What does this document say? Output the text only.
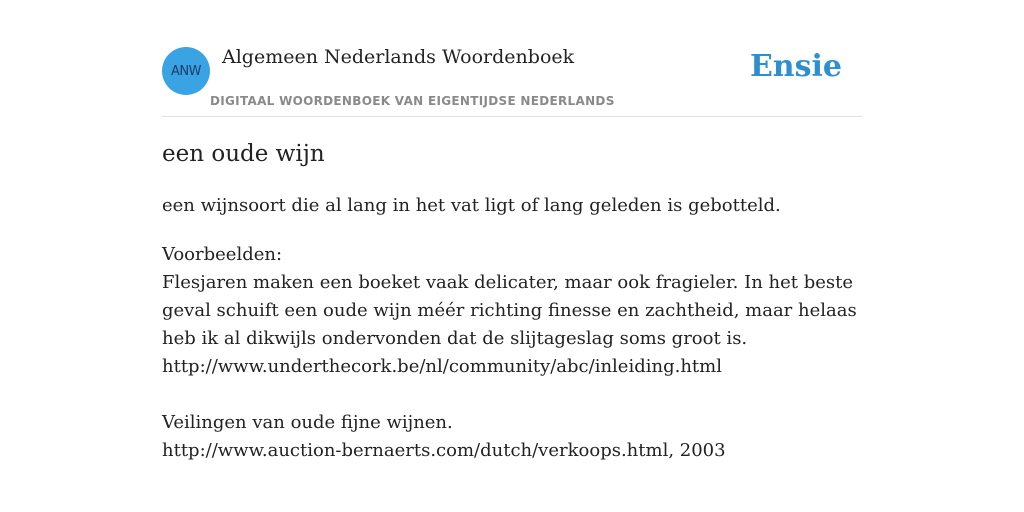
ANW
Algemeen Nederlands Woordenboek
DIGITAAL WOORDENBOEK VAN EIGENTIJDSE NEDERLANDS
Ensie
een oude wijn
een wijnsoort die al lang in het vat ligt of lang geleden is gebotteld.

Voorbeelden:

Flesjaren maken een boeket vaak delicater, maar ook fragieler. In het beste geval schuift een oude wijn méér richting finesse en zachtheid, maar helaas heb ik al dikwijls ondervonden dat de slijtageslag soms groot is.

http://www.underthecork.be/nl/community/abc/inleiding.html

Veilingen van oude fijne wijnen.

http://www.auction-bernaerts.com/dutch/verkoops.html, 2003
